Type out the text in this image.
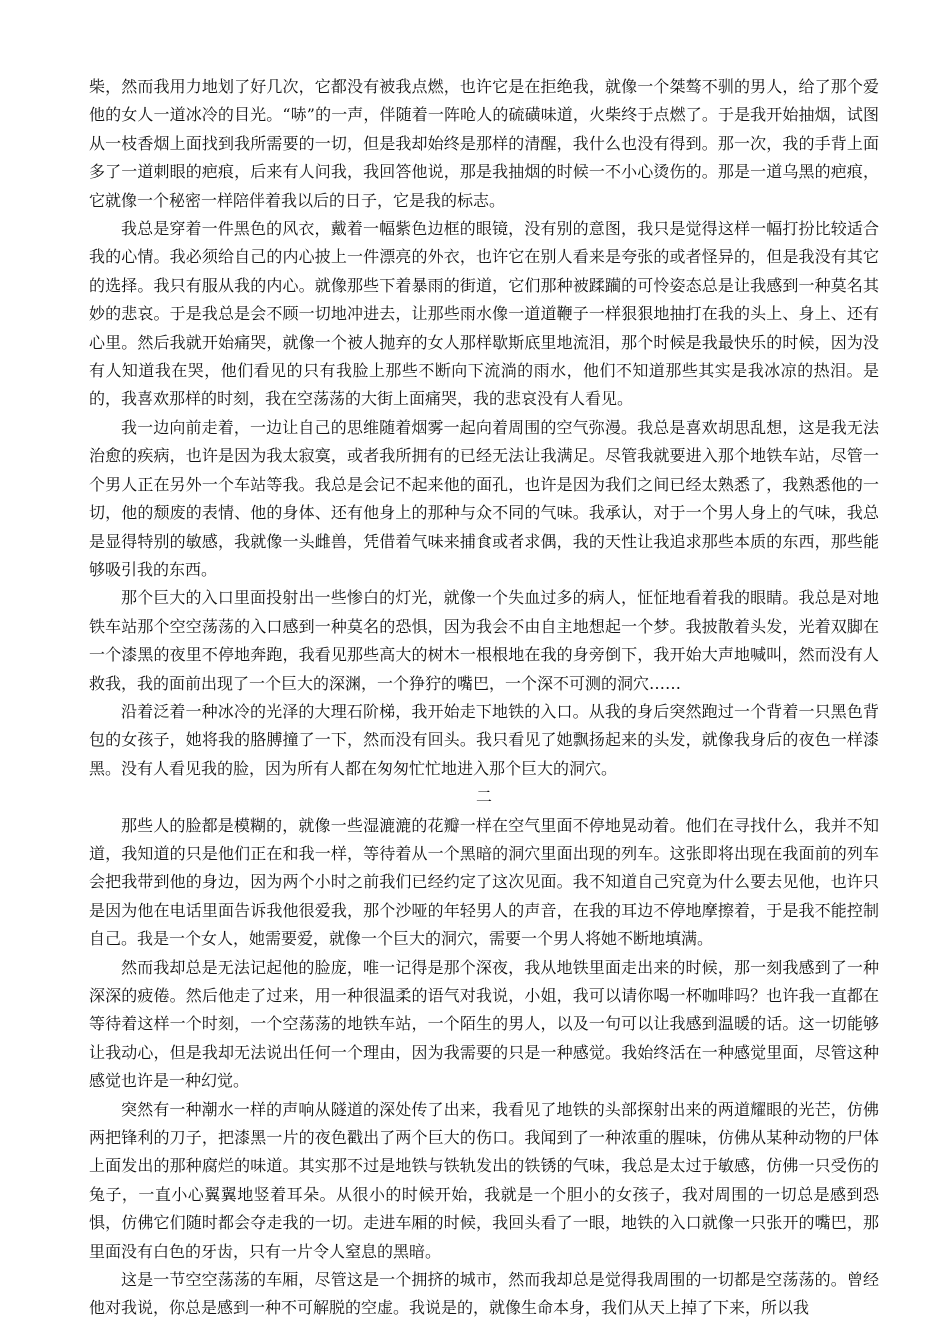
柴，然而我用力地划了好几次，它都没有被我点燃，也许它是在拒绝我，就像一个桀骜不驯的男人，给了那个爱他的女人一道冰冷的目光。“哧”的一声，伴随着一阵呛人的硫磺味道，火柴终于点燃了。于是我开始抽烟，试图从一枝香烟上面找到我所需要的一切，但是我却始终是那样的清醒，我什么也没有得到。那一次，我的手背上面多了一道刺眼的疤痕，后来有人问我，我回答他说，那是我抽烟的时候一不小心烫伤的。那是一道乌黑的疤痕，它就像一个秘密一样陪伴着我以后的日子，它是我的标志。

我总是穿着一件黑色的风衣，戴着一幅紫色边框的眼镜，没有别的意图，我只是觉得这样一幅打扮比较适合我的心情。我必须给自己的内心披上一件漂亮的外衣，也许它在别人看来是夸张的或者怪异的，但是我没有其它的选择。我只有服从我的内心。就像那些下着暴雨的街道，它们那种被蹂躏的可怜姿态总是让我感到一种莫名其妙的悲哀。于是我总是会不顾一切地冲进去，让那些雨水像一道道鞭子一样狠狠地抽打在我的头上、身上、还有心里。然后我就开始痛哭，就像一个被人抛弃的女人那样歇斯底里地流泪，那个时候是我最快乐的时候，因为没有人知道我在哭，他们看见的只有我脸上那些不断向下流淌的雨水，他们不知道那些其实是我冰凉的热泪。是的，我喜欢那样的时刻，我在空荡荡的大街上面痛哭，我的悲哀没有人看见。

我一边向前走着，一边让自己的思维随着烟雾一起向着周围的空气弥漫。我总是喜欢胡思乱想，这是我无法治愈的疾病，也许是因为我太寂寞，或者我所拥有的已经无法让我满足。尽管我就要进入那个地铁车站，尽管一个男人正在另外一个车站等我。我总是会记不起来他的面孔，也许是因为我们之间已经太熟悉了，我熟悉他的一切，他的颓废的表情、他的身体、还有他身上的那种与众不同的气味。我承认，对于一个男人身上的气味，我总是显得特别的敏感，我就像一头雌兽，凭借着气味来捕食或者求偶，我的天性让我追求那些本质的东西，那些能够吸引我的东西。

那个巨大的入口里面投射出一些惨白的灯光，就像一个失血过多的病人，怔怔地看着我的眼睛。我总是对地铁车站那个空空荡荡的入口感到一种莫名的恐惧，因为我会不由自主地想起一个梦。我披散着头发，光着双脚在一个漆黑的夜里不停地奔跑，我看见那些高大的树木一根根地在我的身旁倒下，我开始大声地喊叫，然而没有人救我，我的面前出现了一个巨大的深渊，一个狰狞的嘴巴，一个深不可测的洞穴……

沿着泛着一种冰冷的光泽的大理石阶梯，我开始走下地铁的入口。从我的身后突然跑过一个背着一只黑色背包的女孩子，她将我的胳膊撞了一下，然而没有回头。我只看见了她飘扬起来的头发，就像我身后的夜色一样漆黑。没有人看见我的脸，因为所有人都在匆匆忙忙地进入那个巨大的洞穴。

二

那些人的脸都是模糊的，就像一些湿漉漉的花瓣一样在空气里面不停地晃动着。他们在寻找什么，我并不知道，我知道的只是他们正在和我一样，等待着从一个黑暗的洞穴里面出现的列车。这张即将出现在我面前的列车会把我带到他的身边，因为两个小时之前我们已经约定了这次见面。我不知道自己究竟为什么要去见他，也许只是因为他在电话里面告诉我他很爱我，那个沙哑的年轻男人的声音，在我的耳边不停地摩擦着，于是我不能控制自己。我是一个女人，她需要爱，就像一个巨大的洞穴，需要一个男人将她不断地填满。

然而我却总是无法记起他的脸庞，唯一记得是那个深夜，我从地铁里面走出来的时候，那一刻我感到了一种深深的疲倦。然后他走了过来，用一种很温柔的语气对我说，小姐，我可以请你喝一杯咖啡吗？也许我一直都在等待着这样一个时刻，一个空荡荡的地铁车站，一个陌生的男人，以及一句可以让我感到温暖的话。这一切能够让我动心，但是我却无法说出任何一个理由，因为我需要的只是一种感觉。我始终活在一种感觉里面，尽管这种感觉也许是一种幻觉。

突然有一种潮水一样的声响从隧道的深处传了出来，我看见了地铁的头部探射出来的两道耀眼的光芒，仿佛两把锋利的刀子，把漆黑一片的夜色戳出了两个巨大的伤口。我闻到了一种浓重的腥味，仿佛从某种动物的尸体上面发出的那种腐烂的味道。其实那不过是地铁与铁轨发出的铁锈的气味，我总是太过于敏感，仿佛一只受伤的兔子，一直小心翼翼地竖着耳朵。从很小的时候开始，我就是一个胆小的女孩子，我对周围的一切总是感到恐惧，仿佛它们随时都会夺走我的一切。走进车厢的时候，我回头看了一眼，地铁的入口就像一只张开的嘴巴，那里面没有白色的牙齿，只有一片令人窒息的黑暗。

这是一节空空荡荡的车厢，尽管这是一个拥挤的城市，然而我却总是觉得我周围的一切都是空荡荡的。曾经他对我说，你总是感到一种不可解脱的空虚。我说是的，就像生命本身，我们从天上掉了下来，所以我
